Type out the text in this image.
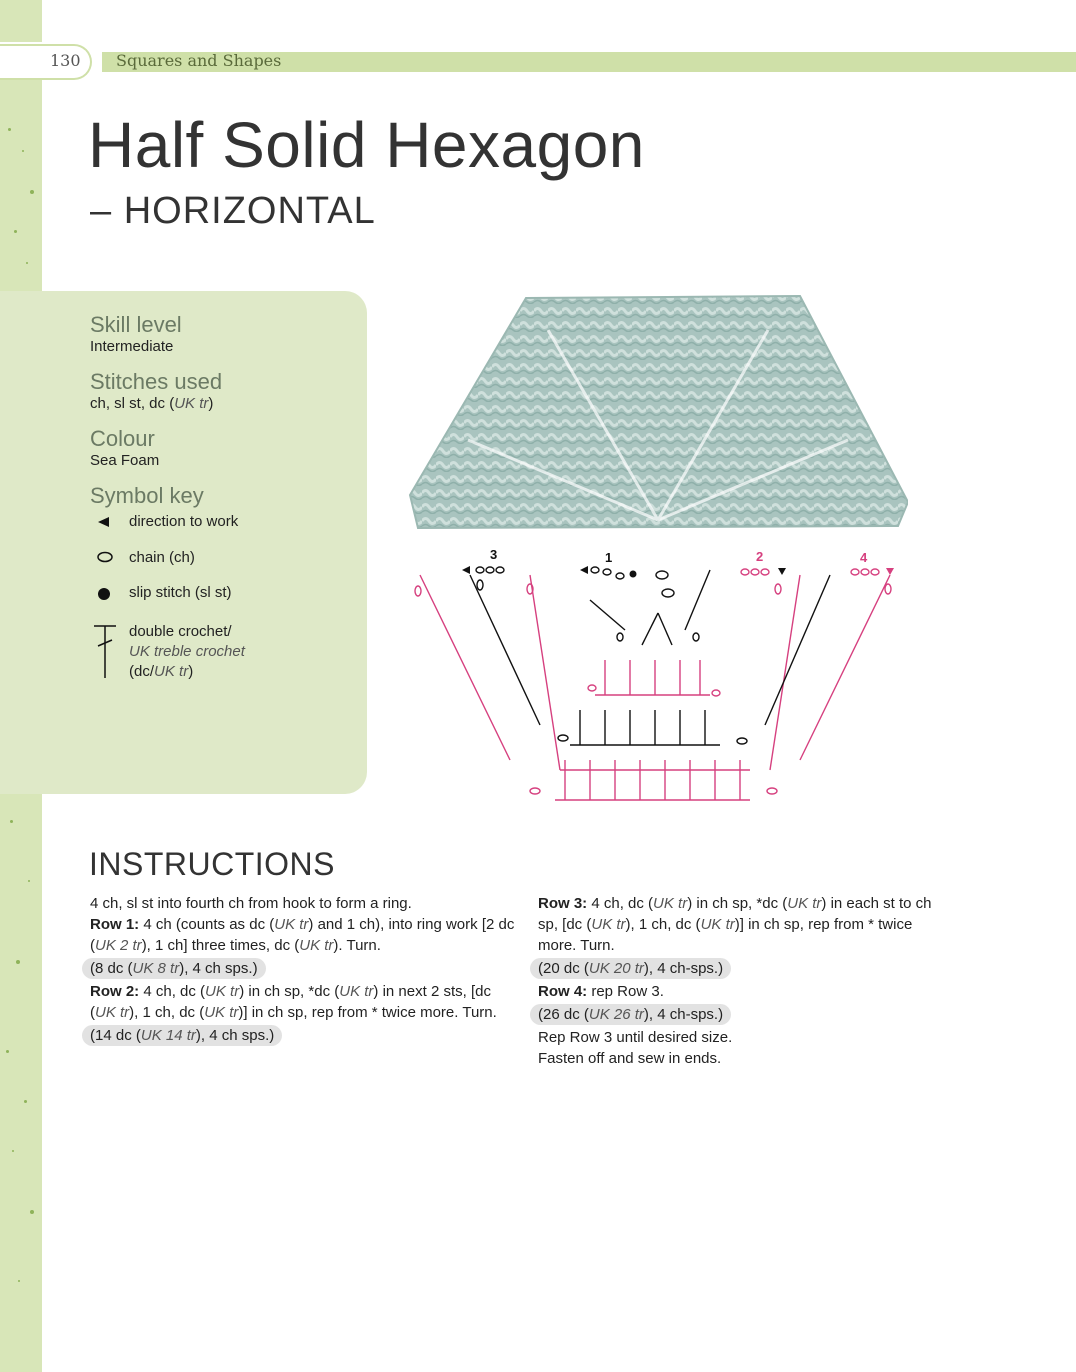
130 Squares and Shapes
Half Solid Hexagon
– HORIZONTAL
Skill level
Intermediate
Stitches used
ch, sl st, dc (UK tr)
Colour
Sea Foam
Symbol key
direction to work
chain (ch)
slip stitch (sl st)
double crochet/
UK treble crochet
(dc/UK tr)
3	1	2	4
INSTRUCTIONS

4 ch, sl st into fourth ch from hook to form a ring.

Row 1: 4 ch (counts as dc (UK tr) and 1 ch), into ring work [2 dc (UK 2 tr), 1 ch] three times, dc (UK tr). Turn.

(8 dc (UK 8 tr), 4 ch sps.)

Row 2: 4 ch, dc (UK tr) in ch sp, *dc (UK tr) in next 2 sts, [dc (UK tr), 1 ch, dc (UK tr)] in ch sp, rep from * twice more. Turn.

(14 dc (UK 14 tr), 4 ch sps.)

Row 3: 4 ch, dc (UK tr) in ch sp, *dc (UK tr) in each st to ch sp, [dc (UK tr), 1 ch, dc (UK tr)] in ch sp, rep from * twice more. Turn.

(20 dc (UK 20 tr), 4 ch-sps.)

Row 4: rep Row 3.

(26 dc (UK 26 tr), 4 ch-sps.)

Rep Row 3 until desired size.

Fasten off and sew in ends.
